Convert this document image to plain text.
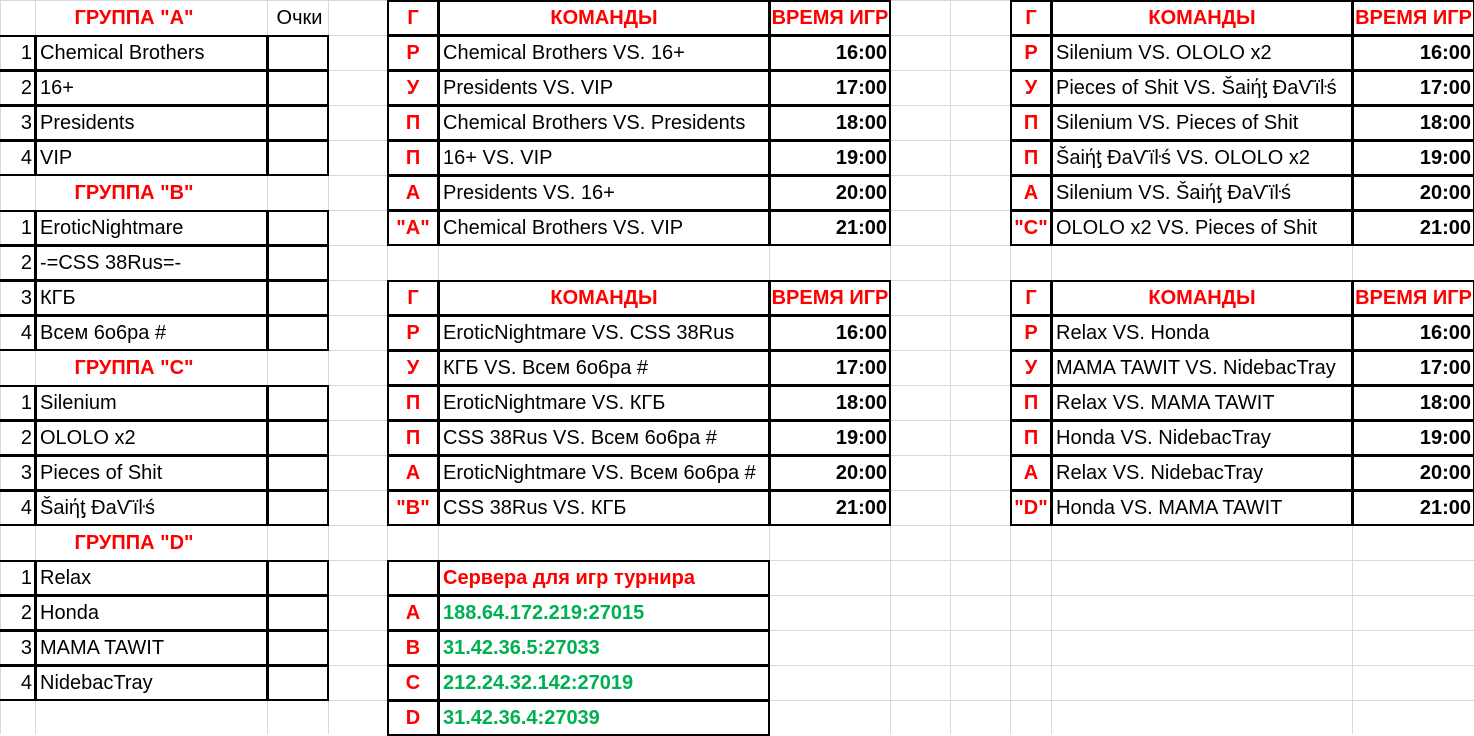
ГРУППА "A"	Очки
1 Chemical Brothers
2 16+
3 Presidents
4 VIP
ГРУППА "B"
1 EroticNightmare
2 -=CSS 38Rus=-
3 КГБ
4 Всем 6о6ра #
ГРУППА "C"
1 Silenium
2 OLOLO x2
3 Pieces of Shit
4 Šaiήƫ ĐaѴïŀś
ГРУППА "D"
1 Relax
2 Honda
3 MAMA TAWIT
4 NidebacTray
Г	КОМАНДЫ	ВРЕМЯ ИГР
Р	Chemical Brothers VS. 16+	16:00
У	Presidents VS. VIP	17:00
П	Chemical Brothers VS. Presidents	18:00
П	16+ VS. VIP	19:00
А	Presidents VS. 16+	20:00
"A" Chemical Brothers VS. VIP	21:00
Г	КОМАНДЫ	ВРЕМЯ ИГР
Р Silenium VS. OLOLO x2	16:00
У Pieces of Shit VS. Šaiήƫ ĐaѴïŀś	17:00
П Silenium VS. Pieces of Shit	18:00
П Šaiήƫ ĐaѴïŀś VS. OLOLO x2	19:00
А Silenium VS. Šaiήƫ ĐaѴïŀś	20:00
"C" OLOLO x2 VS. Pieces of Shit	21:00
Г	КОМАНДЫ	ВРЕМЯ ИГР
Р	EroticNightmare VS. CSS 38Rus	16:00
У	КГБ VS. Всем 6о6ра #	17:00
П	EroticNightmare VS. КГБ	18:00
П	CSS 38Rus VS. Всем 6о6ра #	19:00
А	EroticNightmare VS. Всем 6о6ра #	20:00
"B" CSS 38Rus VS. КГБ	21:00
Г	КОМАНДЫ	ВРЕМЯ ИГР
Р Relax VS. Honda	16:00
У MAMA TAWIT VS. NidebacTray	17:00
П Relax VS. MAMA TAWIT	18:00
П Honda VS. NidebacTray	19:00
А Relax VS. NidebacTray	20:00
"D" Honda VS. MAMA TAWIT	21:00
Сервера для игр турнира
A	188.64.172.219:27015
B	31.42.36.5:27033
C	212.24.32.142:27019
D	31.42.36.4:27039
